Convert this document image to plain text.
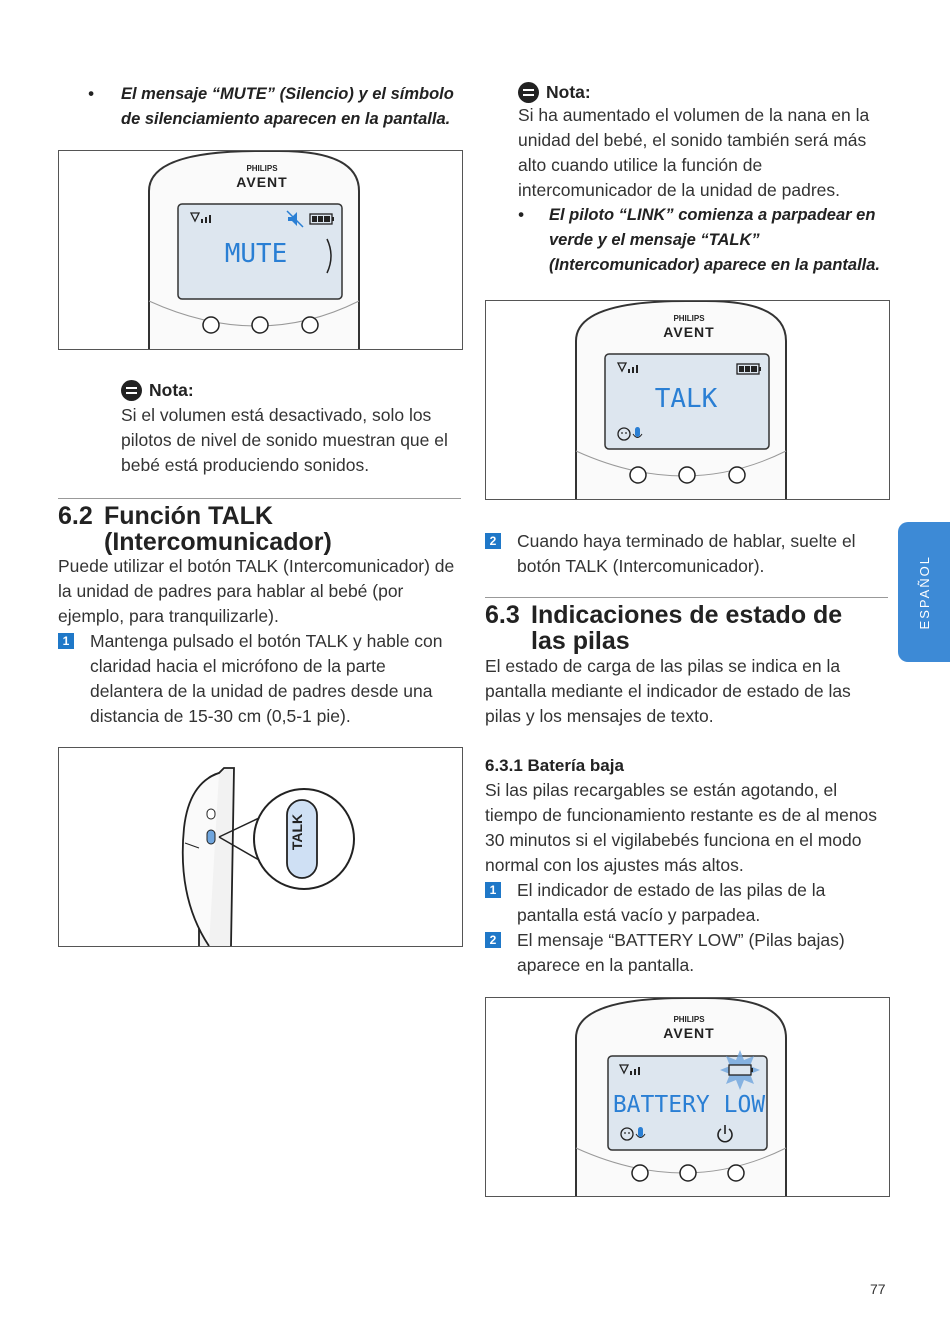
•	El mensaje “MUTE” (Silencio) y el símbolo de silenciamiento aparecen en la pantalla.
PHILIPS
AVENT
MUTE
Nota:
Si el volumen está desactivado, solo los pilotos de nivel de sonido muestran que el bebé está produciendo sonidos.
6.2 Función TALK
(Intercomunicador)
Puede utilizar el botón TALK (Intercomunicador) de la unidad de padres para hablar al bebé (por ejemplo, para tranquilizarle).
1 Mantenga pulsado el botón TALK y hable con claridad hacia el micrófono de la parte delantera de la unidad de padres desde una distancia de 15-30 cm (0,5-1 pie).
TALK
Nota:
Si ha aumentado el volumen de la nana en la unidad del bebé, el sonido también será más alto cuando utilice la función de intercomunicador de la unidad de padres.
•	El piloto “LINK” comienza a parpadear en verde y el mensaje “TALK” (Intercomunicador) aparece en la pantalla.
PHILIPS
AVENT
TALK
2 Cuando haya terminado de hablar, suelte el botón TALK (Intercomunicador).
6.3 Indicaciones de estado de
las pilas
El estado de carga de las pilas se indica en la pantalla mediante el indicador de estado de las pilas y los mensajes de texto.
6.3.1 Batería baja
Si las pilas recargables se están agotando, el tiempo de funcionamiento restante es de al menos 30 minutos si el vigilabebés funciona en el modo normal con los ajustes más altos.
1 El indicador de estado de las pilas de la pantalla está vacío y parpadea.
2 El mensaje “BATTERY LOW” (Pilas bajas) aparece en la pantalla.
PHILIPS
AVENT
BATTERY LOW
ESPAÑOL
77
